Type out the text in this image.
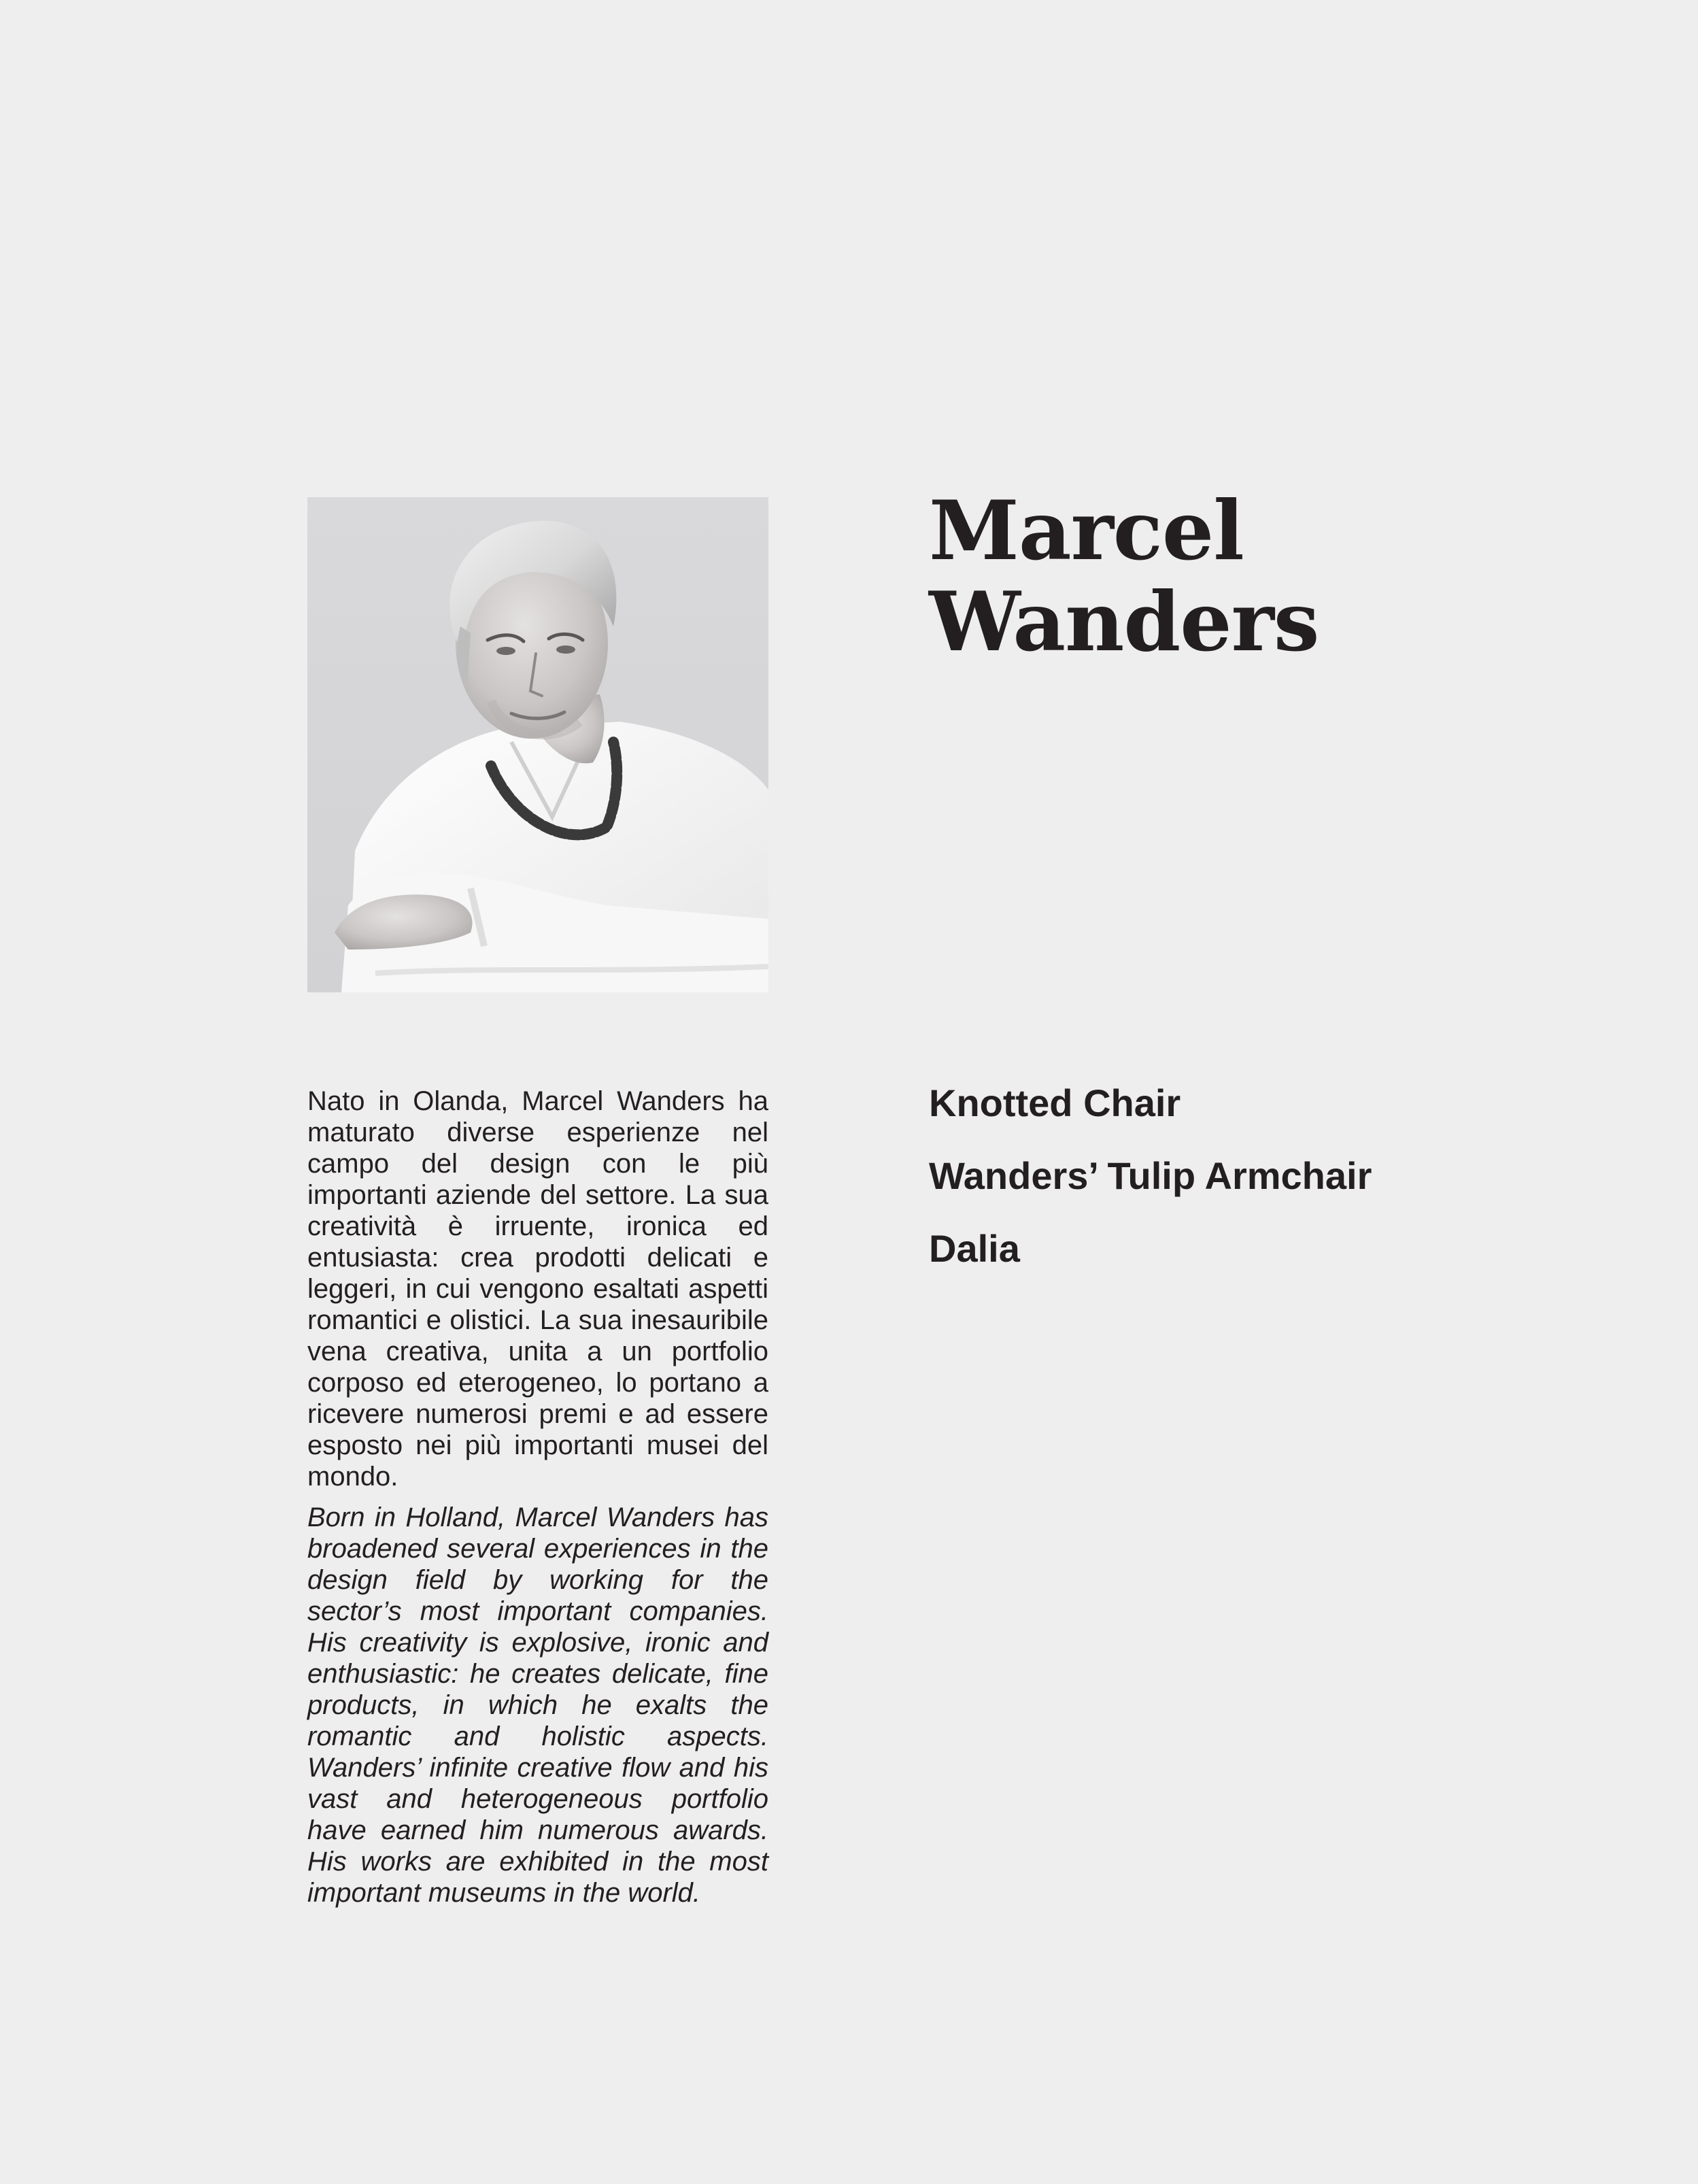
Marcel
Wanders

Nato in Olanda, Marcel Wanders ha maturato diverse esperienze nel campo del design con le più importanti aziende del settore. La sua creatività è irruente, ironica ed entusiasta: crea prodotti delicati e leggeri, in cui vengono esaltati aspetti romantici e olistici. La sua inesauribile vena creativa, unita a un portfolio corposo ed eterogeneo, lo portano a ricevere numerosi premi e ad essere esposto nei più importanti musei del mondo.

Born in Holland, Marcel Wanders has broadened several experiences in the design field by working for the sector’s most important companies. His creativity is explosive, ironic and enthusiastic: he creates delicate, fine products, in which he exalts the romantic and holistic aspects. Wanders’ infinite creative flow and his vast and heterogeneous portfolio have earned him numerous awards. His works are exhibited in the most important museums in the world.

Knotted Chair
Wanders’ Tulip Armchair
Dalia
